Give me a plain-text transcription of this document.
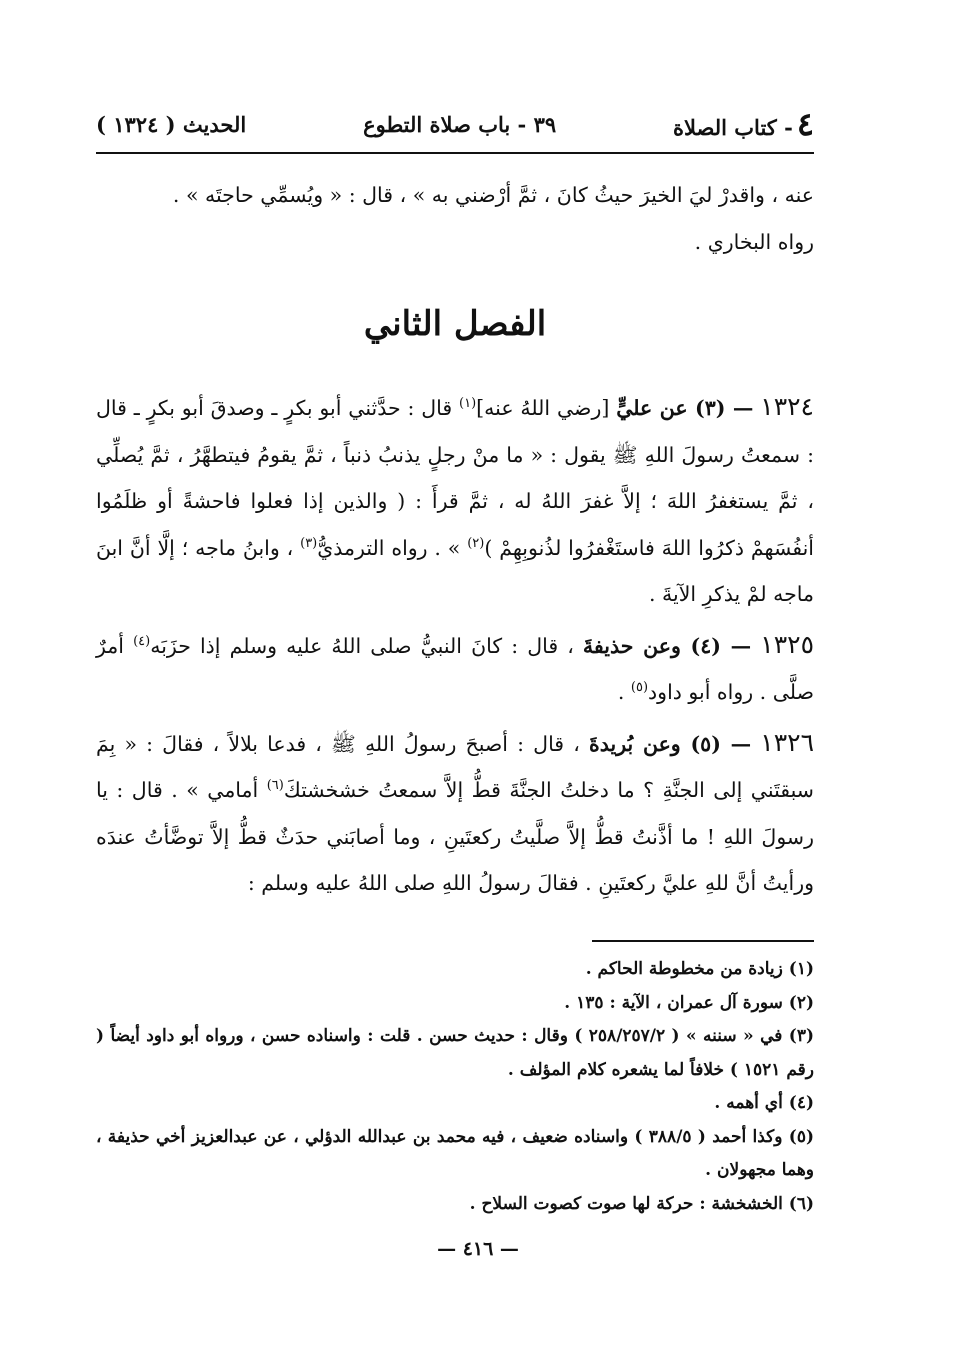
٤
- كتاب الصلاة
٣٩ - باب صلاة التطوع
الحديث ( ١٣٢٤ )

عنه ، واقدرْ ليَ الخيرَ حيثُ كانَ ، ثمَّ أرْضني به » ، قال : « ويُسمِّي حاجتَه » .

رواه البخاري .

الفصل الثاني

١٣٢٤ — (٣) عن عليٍّ [رضي اللهُ عنه]$^{(١)}$ قال : حدَّثني أبو بكرٍ ـ وصدقَ أبو بكرٍ ـ قال : سمعتُ رسولَ اللهِ ﷺ يقول : « ما منْ رجلٍ يذنبُ ذنباً ، ثمَّ يقومُ فيتطهَّرُ ، ثمَّ يُصلِّي ، ثمَّ يستغفرُ اللهَ ؛ إلاَّ غفرَ اللهُ له ، ثمَّ قرأَ : ( والذين إذا فعلوا فاحشةً أو ظلَمُوا أنفُسَهمْ ذكرُوا اللهَ فاستَغْفرُوا لذُنوبِهِمْ )$^{(٢)}$ » . رواه الترمذيُّ$^{(٣)}$ ، وابنُ ماجه ؛ إلَّا أنَّ ابنَ ماجه لمْ يذكرِ الآيةَ .

١٣٢٥ — (٤) وعن حذيفةَ ، قال : كانَ النبيُّ صلى اللهُ عليه وسلم إذا حزَبَه$^{(٤)}$ أمرٌ صلَّى . رواه أبو داود$^{(٥)}$ .

١٣٢٦ — (٥) وعن بُريدةَ ، قال : أصبحَ رسولُ اللهِ ﷺ ، فدعا بلالاً ، فقالَ : « بِمَ سبقتَني إلى الجنَّةِ ؟ ما دخلتُ الجنَّةَ قطُّ إلاَّ سمعتُ خشخشتكَ$^{(٦)}$ أمامي » . قال : يا رسولَ اللهِ ! ما أذَّنتُ قطُّ إلاَّ صلَّيتُ ركعتَينِ ، وما أصابَني حدَثٌ قطُّ إلاَّ توضَّأتُ عندَه ورأيتُ أنَّ للهِ عليَّ ركعتَينِ . فقالَ رسولُ اللهِ صلى اللهُ عليه وسلم :

(١) زيادة من مخطوطة الحاكم .

(٢) سورة آل عمران ، الآية : ١٣٥ .

(٣) في « سننه » ( ٢٥٨/٢٥٧/٢ ) وقال : حديث حسن . قلت : واسناده حسن ، ورواه أبو داود أيضاً ( رقم ١٥٢١ ) خلافاً لما يشعره كلام المؤلف .

(٤) أي أهمه .

(٥) وكذا أحمد ( ٣٨٨/٥ ) واسناده ضعيف ، فيه محمد بن عبدالله الدؤلي ، عن عبدالعزيز أخي حذيفة ، وهما مجهولان .

(٦) الخشخشة : حركة لها صوت كصوت السلاح .

— ٤١٦ —
